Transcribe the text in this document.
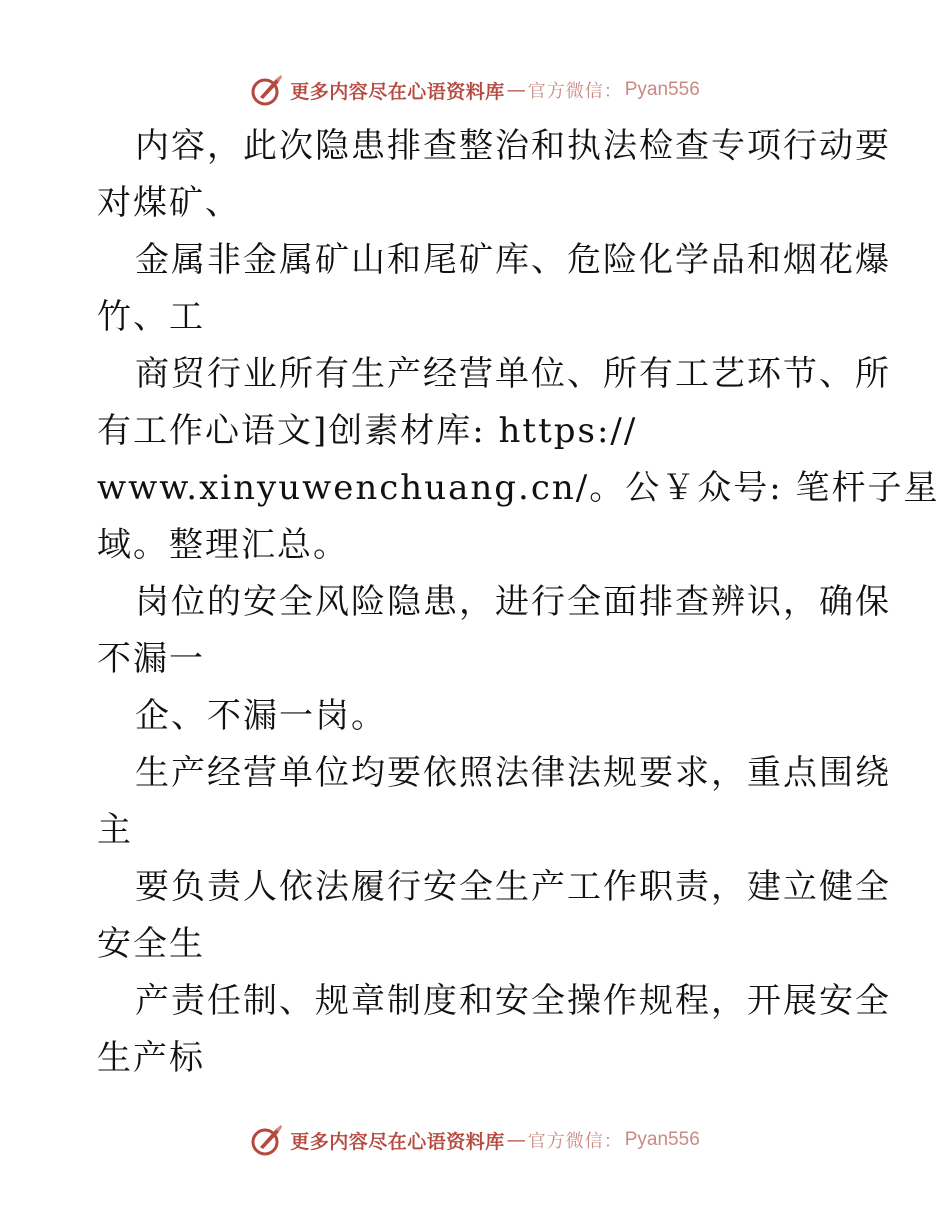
更多内容尽在心语资料库 — 官方微信： Pyan556
内容，此次隐患排查整治和执法检查专项行动要
对煤矿、
金属非金属矿山和尾矿库、危险化学品和烟花爆
竹、工
商贸行业所有生产经营单位、所有工艺环节、所
有工作心语文]创素材库: https://
www.xinyuwenchuang.cn/。公￥众号: 笔杆子星
域。整理汇总。
岗位的安全风险隐患，进行全面排查辨识，确保
不漏一
企、不漏一岗。
生产经营单位均要依照法律法规要求，重点围绕
主
要负责人依法履行安全生产工作职责，建立健全
安全生
产责任制、规章制度和安全操作规程，开展安全
生产标
更多内容尽在心语资料库 — 官方微信： Pyan556
